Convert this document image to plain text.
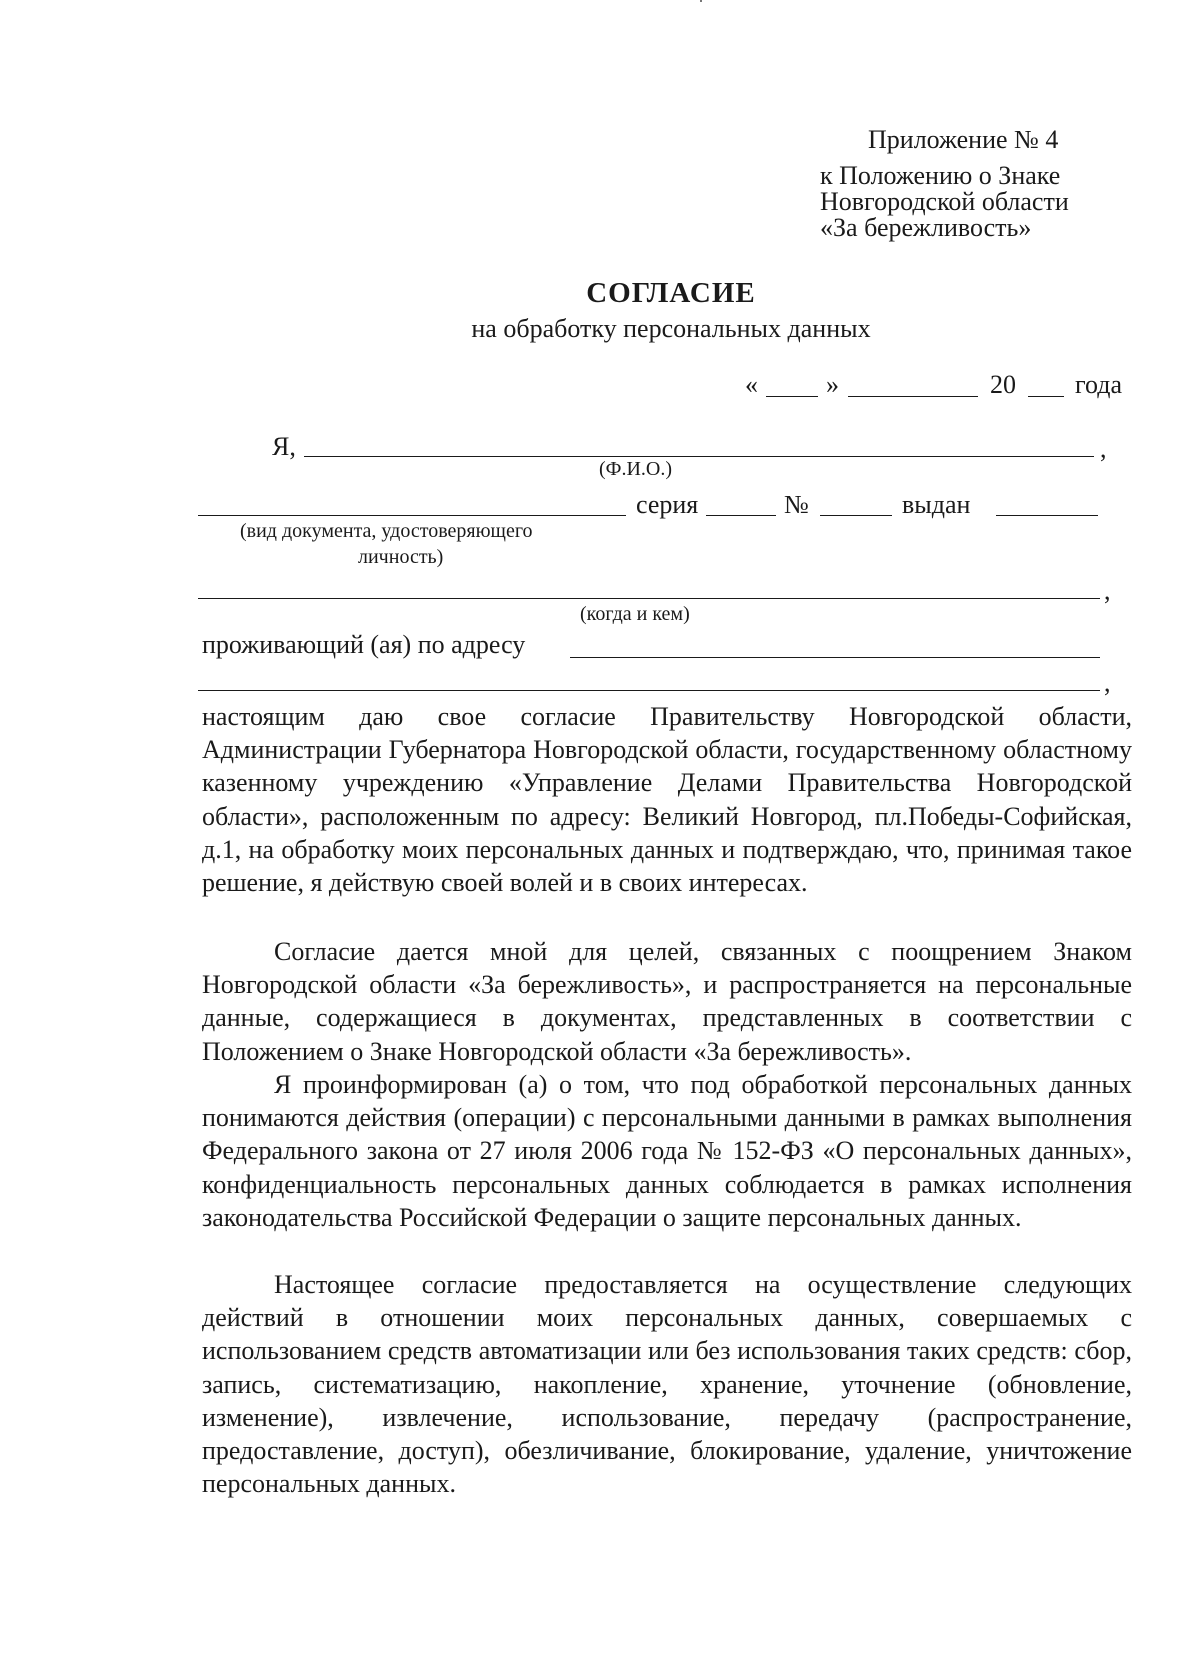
Приложение № 4
к Положению о Знаке
Новгородской области
«За бережливость»
СОГЛАСИЕ
на обработку персональных данных
«	»	20 года
Я,	,
(Ф.И.О.)
серия	№	выдан
(вид документа, удостоверяющего
личность)
,
(когда и кем)
проживающий (ая) по адресу
,

настоящим даю свое согласие Правительству Новгородской области, Администрации Губернатора Новгородской области, государственному областному казенному учреждению «Управление Делами Правительства Новгородской области», расположенным по адресу: Великий Новгород, пл.Победы-Софийская, д.1, на обработку моих персональных данных и подтверждаю, что, принимая такое решение, я действую своей волей и в своих интересах.

Согласие дается мной для целей, связанных с поощрением Знаком Новгородской области «За бережливость», и распространяется на персональные данные, содержащиеся в документах, представленных в соответствии с Положением о Знаке Новгородской области «За бережливость».

Я проинформирован (а) о том, что под обработкой персональных данных понимаются действия (операции) с персональными данными в рамках выполнения Федерального закона от 27 июля 2006 года № 152-ФЗ «О персональных данных», конфиденциальность персональных данных соблюдается в рамках исполнения законодательства Российской Федерации о защите персональных данных.

Настоящее согласие предоставляется на осуществление следующих действий в отношении моих персональных данных, совершаемых с использованием средств автоматизации или без использования таких средств: сбор, запись, систематизацию, накопление, хранение, уточнение (обновление, изменение), извлечение, использование, передачу (распространение, предоставление, доступ), обезличивание, блокирование, удаление, уничтожение персональных данных.
